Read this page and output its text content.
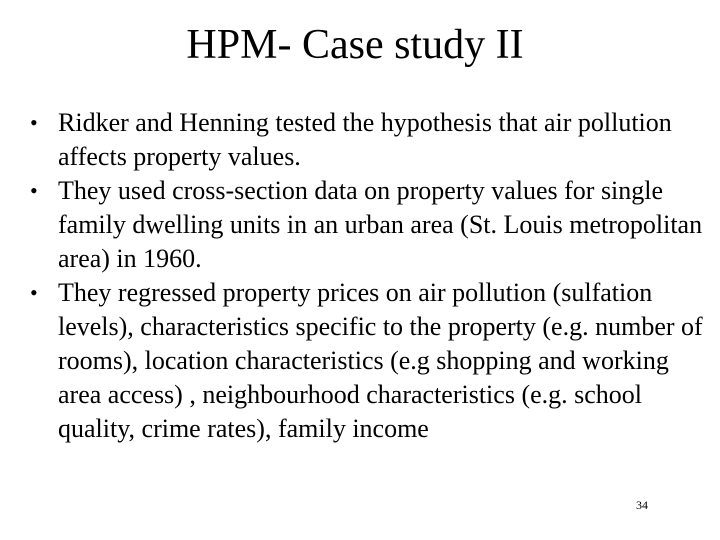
HPM- Case study II
• Ridker and Henning tested the hypothesis that air pollution affects property values.
• They used cross-section data on property values for single family dwelling units in an urban area (St. Louis metropolitan area) in 1960.
• They regressed property prices on air pollution (sulfation levels), characteristics specific to the property (e.g. number of rooms), location characteristics (e.g shopping and working area access) , neighbourhood characteristics (e.g. school quality, crime rates), family income
34
